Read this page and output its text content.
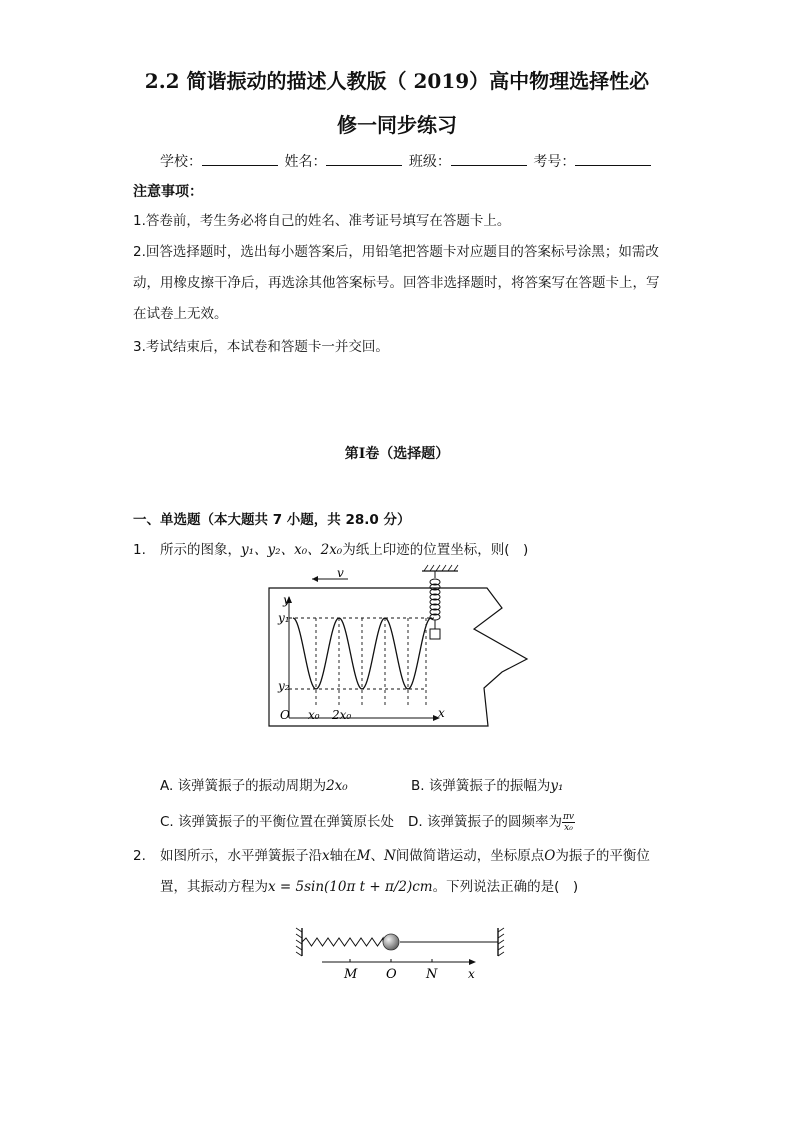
2.2 简谐振动的描述人教版（ 2019）高中物理选择性必
修一同步练习
学校：	姓名：	班级：	考号：
注意事项：
1.答卷前，考生务必将自己的姓名、准考证号填写在答题卡上。
2.回答选择题时，选出每小题答案后，用铅笔把答题卡对应题目的答案标号涂黑；如需改动，用橡皮擦干净后，再选涂其他答案标号。回答非选择题时，将答案写在答题卡上，写在试卷上无效。
3.考试结束后，本试卷和答题卡一并交回。
第I卷（选择题）
一、单选题（本大题共 7 小题，共 28.0 分）
1. 所示的图象，y₁、y₂、x₀、2x₀为纸上印迹的位置坐标，则(　)
v
y
y₁
y₂
O x₀ 2x₀	x
A. 该弹簧振子的振动周期为2x₀	B. 该弹簧振子的振幅为y₁
C. 该弹簧振子的平衡位置在弹簧原长处 D. 该弹簧振子的圆频率为 $\frac{\pi v}{\text{x₀}}$
2. 如图所示，水平弹簧振子沿x轴在M、N间做简谐运动，坐标原点O为振子的平衡位置，其振动方程为x = 5sin(10π t + π/2)cm。下列说法正确的是(　)
M O N	x
